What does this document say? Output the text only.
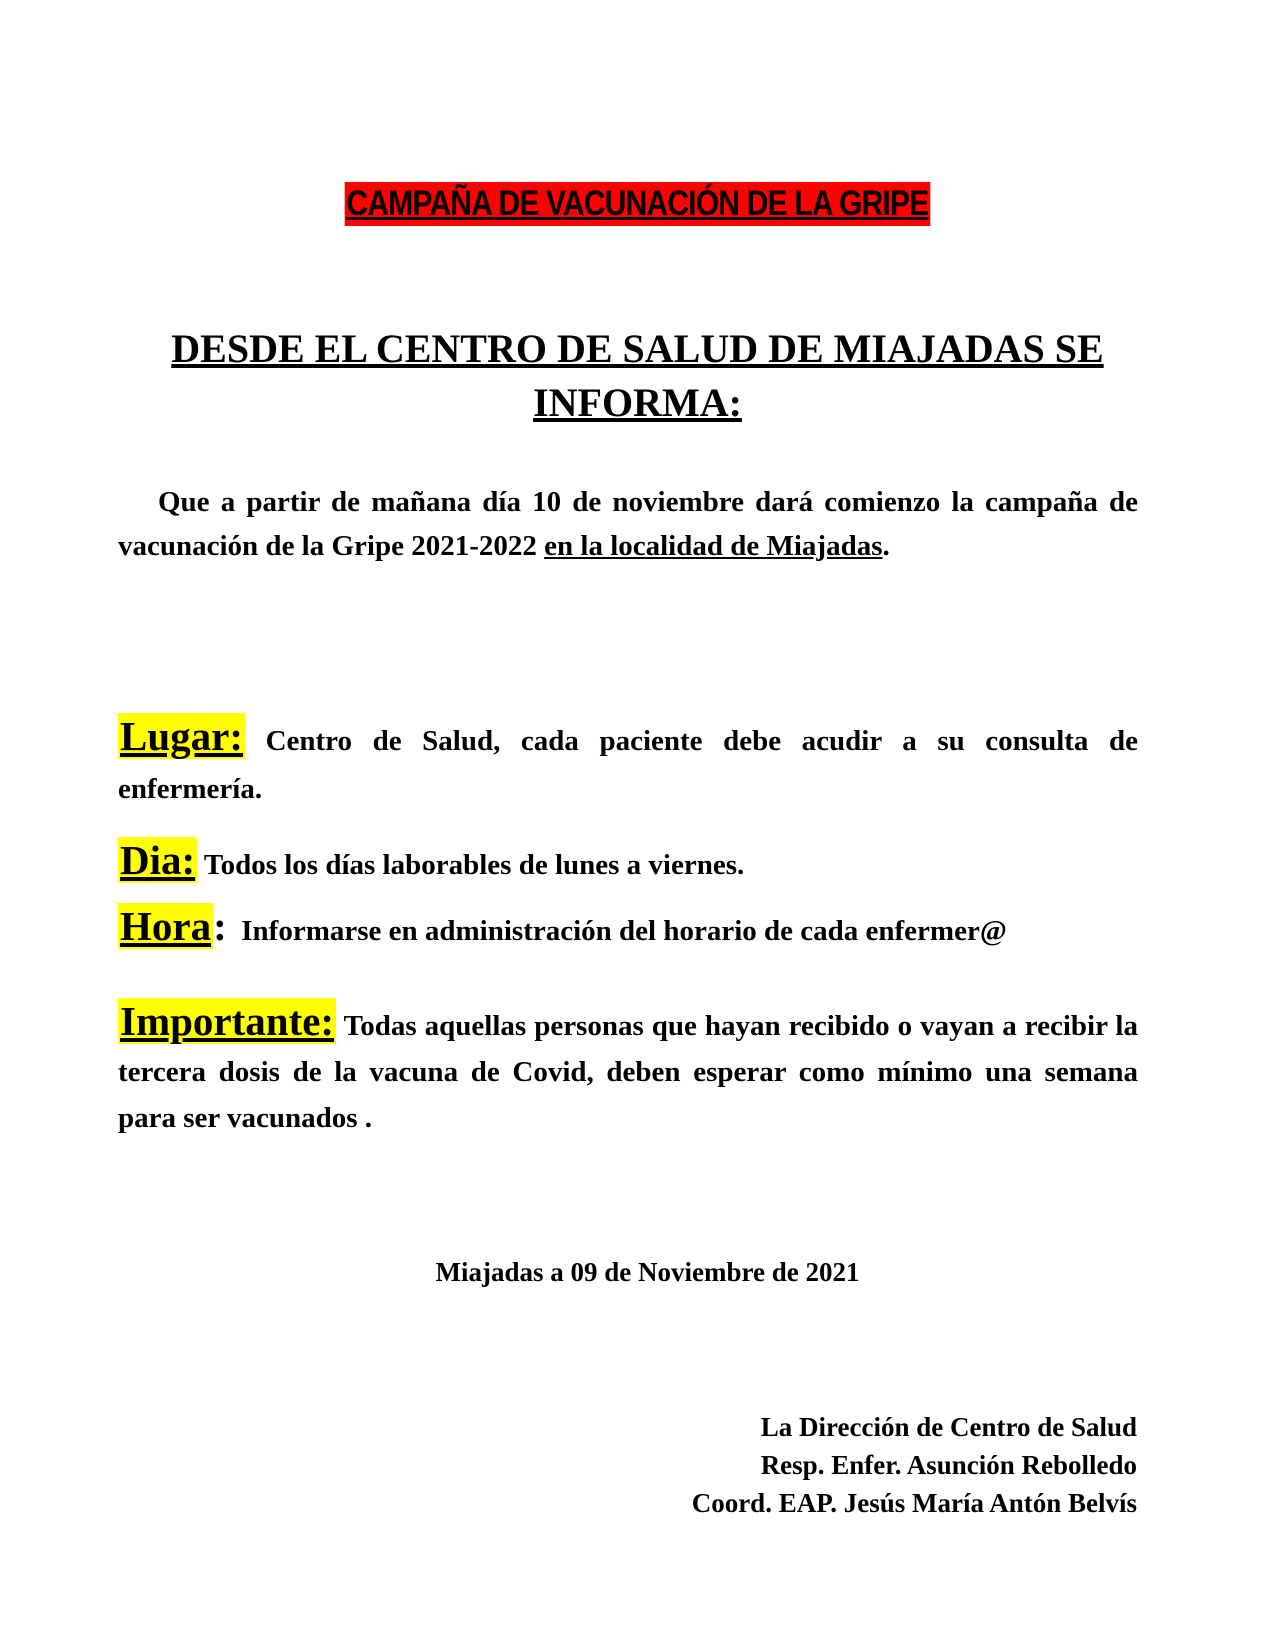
CAMPAÑA DE VACUNACIÓN DE LA GRIPE
DESDE EL CENTRO DE SALUD DE MIAJADAS SE
INFORMA:
Que a partir de mañana día 10 de noviembre dará comienzo la campaña de vacunación de la Gripe 2021-2022 en la localidad de Miajadas.
Lugar: Centro de Salud, cada paciente debe acudir a su consulta de enfermería.
Dia: Todos los días laborables de lunes a viernes.
Hora: Informarse en administración del horario de cada enfermer@
Importante: Todas aquellas personas que hayan recibido o vayan a recibir la tercera dosis de la vacuna de Covid, deben esperar como mínimo una semana para ser vacunados .
Miajadas a 09 de Noviembre de 2021
La Dirección de Centro de Salud
Resp. Enfer. Asunción Rebolledo
Coord. EAP. Jesús María Antón Belvís
